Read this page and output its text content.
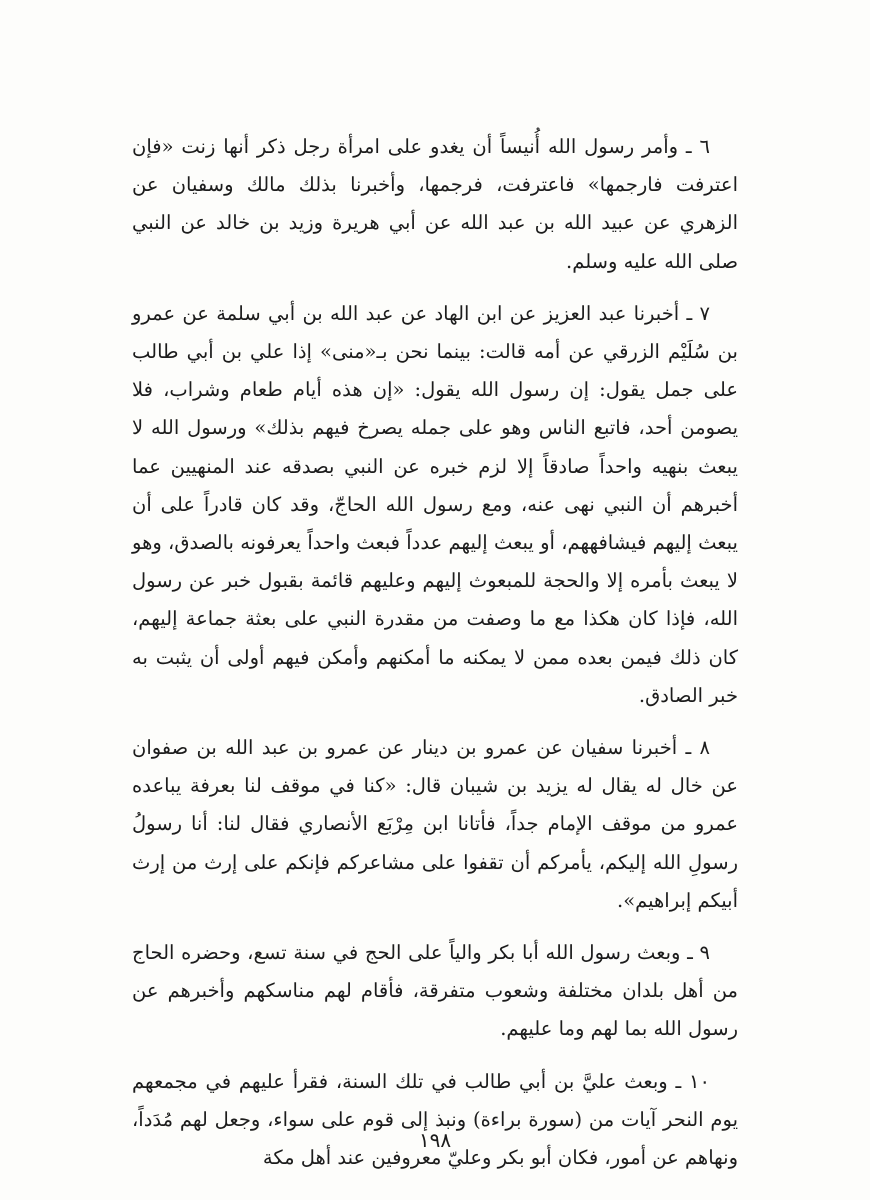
٦ ـ وأمر رسول الله أُنيساً أن يغدو على امرأة رجل ذكر أنها زنت «فإن اعترفت فارجمها» فاعترفت، فرجمها، وأخبرنا بذلك مالك وسفيان عن الزهري عن عبيد الله بن عبد الله عن أبي هريرة وزيد بن خالد عن النبي صلى الله عليه وسلم.

٧ ـ أخبرنا عبد العزيز عن ابن الهاد عن عبد الله بن أبي سلمة عن عمرو بن سُلَيْم الزرقي عن أمه قالت: بينما نحن بـ«منى» إذا علي بن أبي طالب على جمل يقول: إن رسول الله يقول: «إن هذه أيام طعام وشراب، فلا يصومن أحد، فاتبع الناس وهو على جمله يصرخ فيهم بذلك» ورسول الله لا يبعث بنهيه واحداً صادقاً إلا لزم خبره عن النبي بصدقه عند المنهيين عما أخبرهم أن النبي نهى عنه، ومع رسول الله الحاجّ، وقد كان قادراً على أن يبعث إليهم فيشافههم، أو يبعث إليهم عدداً فبعث واحداً يعرفونه بالصدق، وهو لا يبعث بأمره إلا والحجة للمبعوث إليهم وعليهم قائمة بقبول خبر عن رسول الله، فإذا كان هكذا مع ما وصفت من مقدرة النبي على بعثة جماعة إليهم، كان ذلك فيمن بعده ممن لا يمكنه ما أمكنهم وأمكن فيهم أولى أن يثبت به خبر الصادق.

٨ ـ أخبرنا سفيان عن عمرو بن دينار عن عمرو بن عبد الله بن صفوان عن خال له يقال له يزيد بن شيبان قال: «كنا في موقف لنا بعرفة يباعده عمرو من موقف الإمام جداً، فأتانا ابن مِرْبَع الأنصاري فقال لنا: أنا رسولُ رسولِ الله إليكم، يأمركم أن تقفوا على مشاعركم فإنكم على إرث من إرث أبيكم إبراهيم».

٩ ـ وبعث رسول الله أبا بكر والياً على الحج في سنة تسع، وحضره الحاج من أهل بلدان مختلفة وشعوب متفرقة، فأقام لهم مناسكهم وأخبرهم عن رسول الله بما لهم وما عليهم.

١٠ ـ وبعث عليَّ بن أبي طالب في تلك السنة، فقرأ عليهم في مجمعهم يوم النحر آيات من (سورة براءة) ونبذ إلى قوم على سواء، وجعل لهم مُدَداً، ونهاهم عن أمور، فكان أبو بكر وعليّ معروفين عند أهل مكة

١٩٨
